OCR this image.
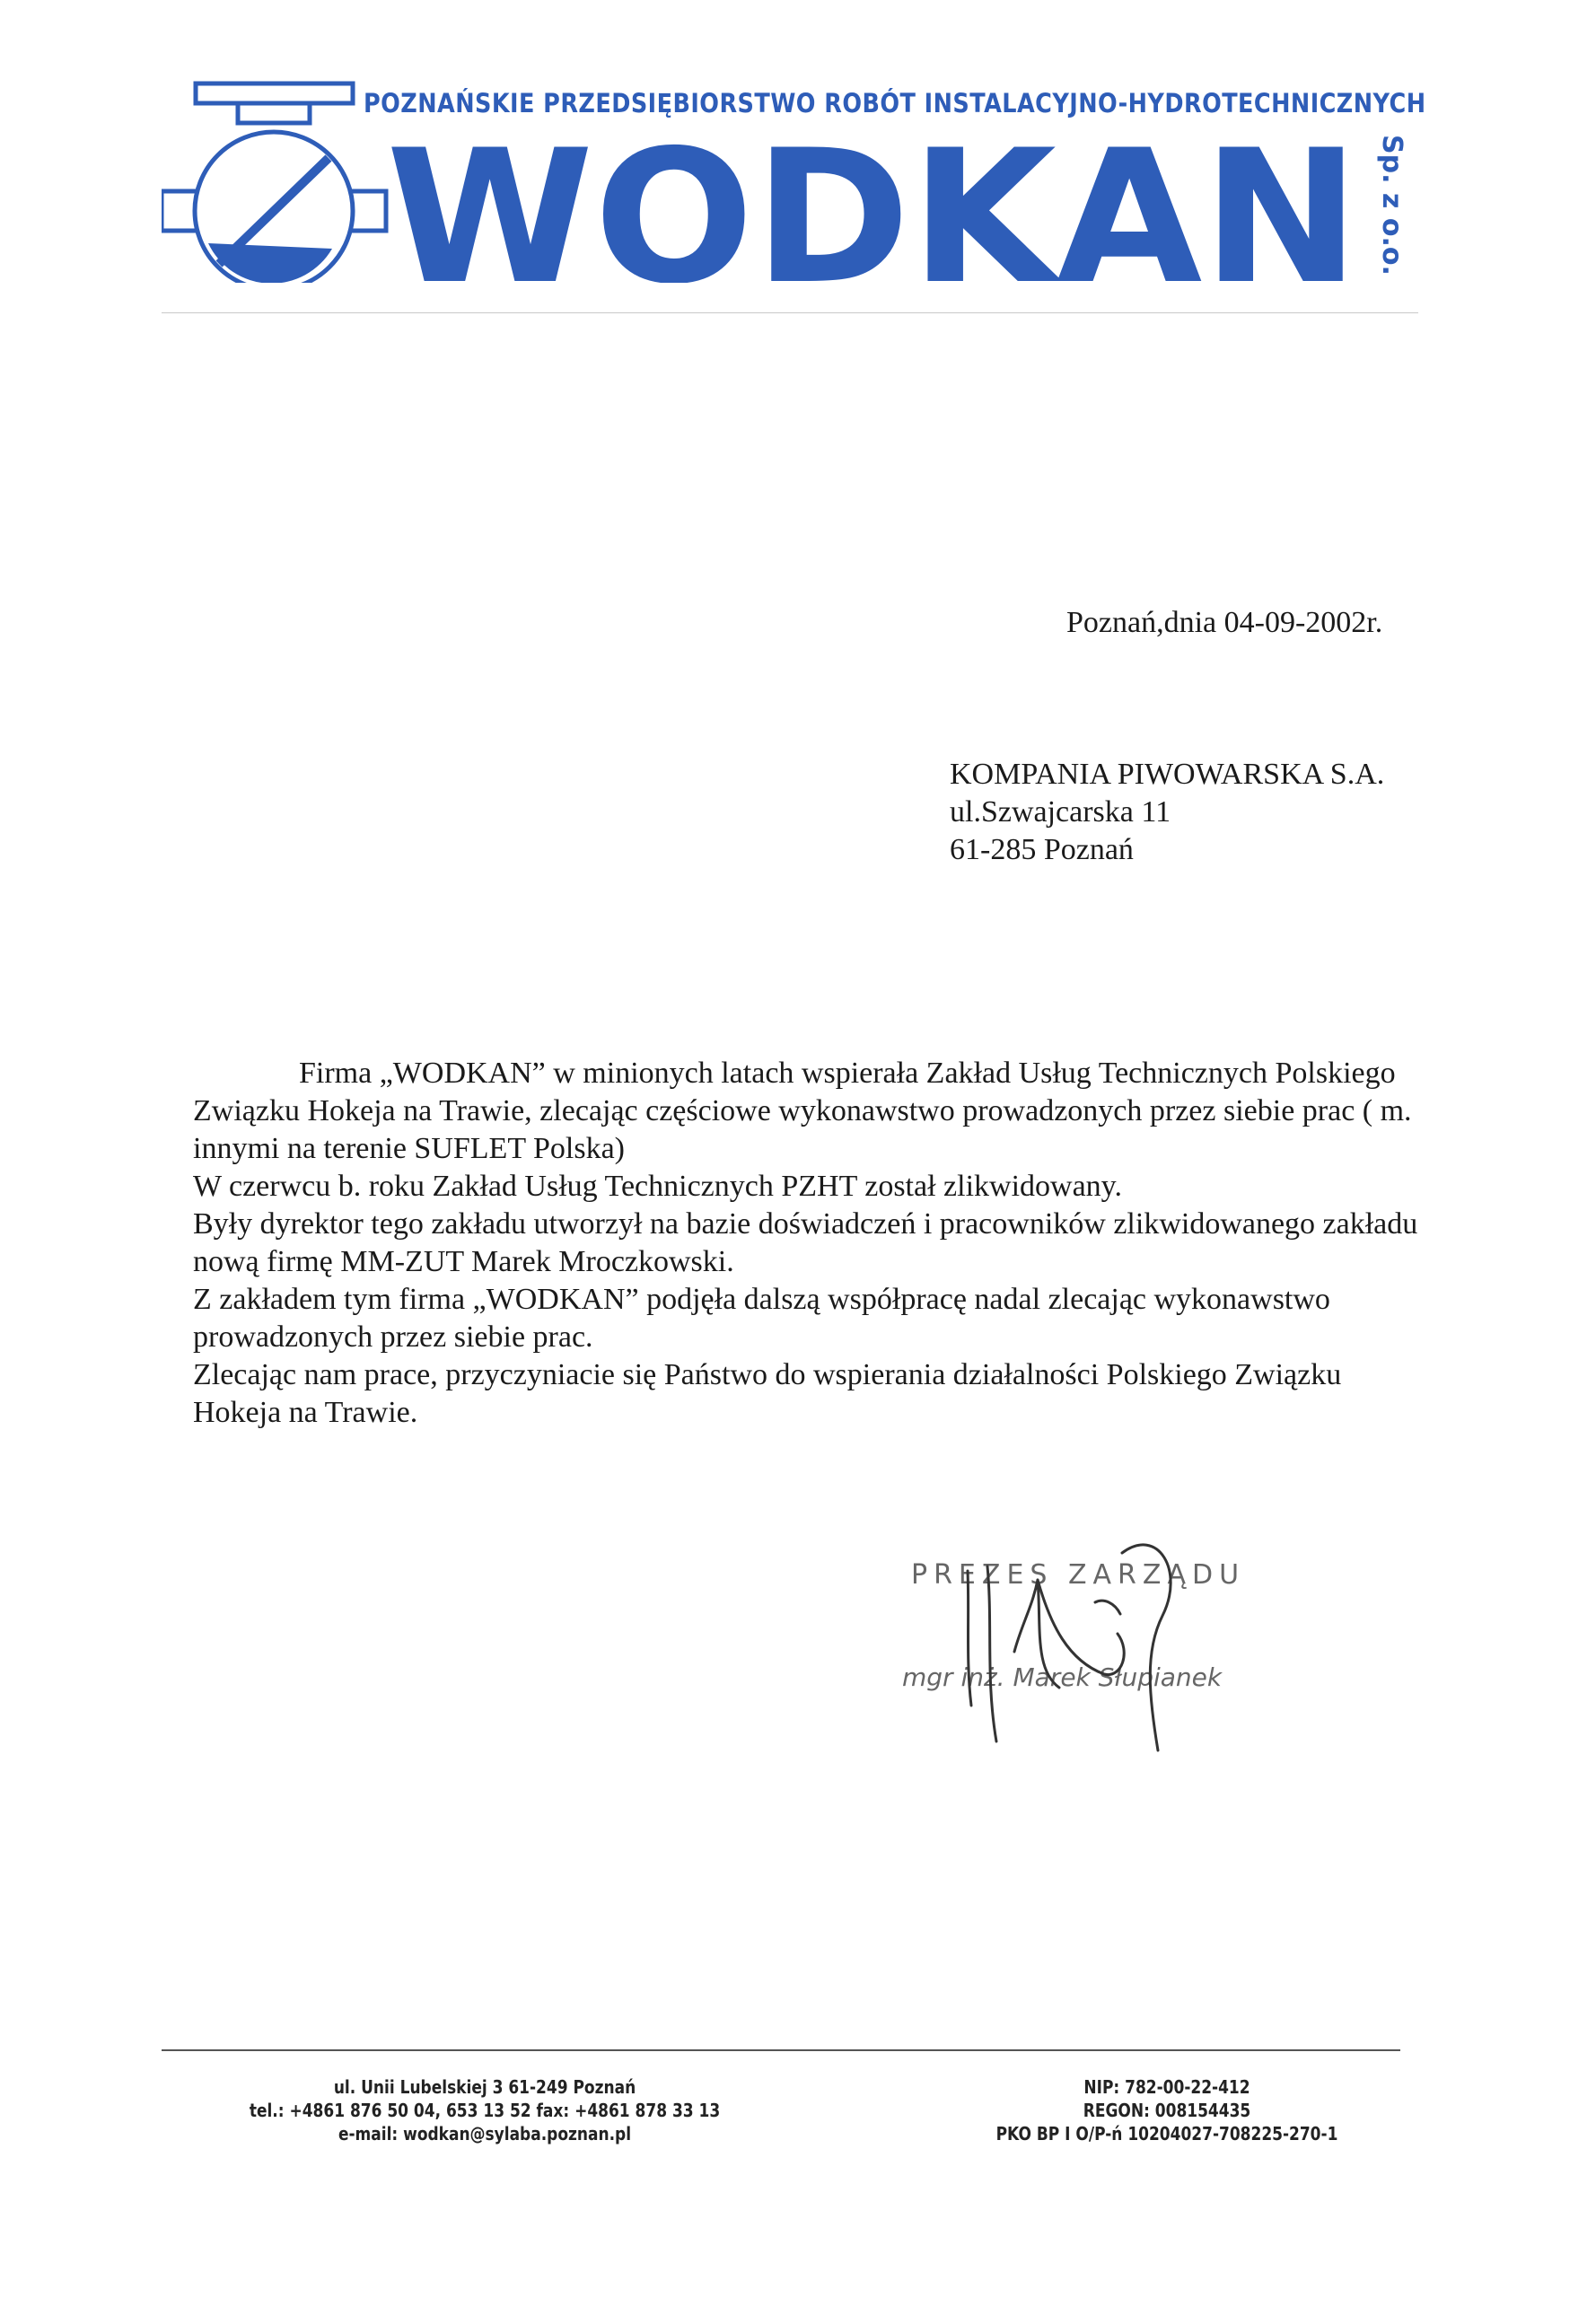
POZNAŃSKIE PRZEDSIĘBIORSTWO ROBÓT INSTALACYJNO-HYDROTECHNICZNYCH
WODKAN Sp. z o.o.
Poznań,dnia 04-09-2002r.
KOMPANIA PIWOWARSKA S.A.
ul.Szwajcarska 11
61-285 Poznań

Firma „WODKAN” w minionych latach wspierała Zakład Usług Technicznych Polskiego Związku Hokeja na Trawie, zlecając częściowe wykonawstwo prowadzonych przez siebie prac ( m. innymi na terenie SUFLET Polska)

W czerwcu b. roku Zakład Usług Technicznych PZHT został zlikwidowany.

Były dyrektor tego zakładu utworzył na bazie doświadczeń i pracowników zlikwidowanego zakładu nową firmę MM-ZUT Marek Mroczkowski.

Z zakładem tym firma „WODKAN” podjęła dalszą współpracę nadal zlecając wykonawstwo prowadzonych przez siebie prac.

Zlecając nam prace, przyczyniacie się Państwo do wspierania działalności Polskiego Związku Hokeja na Trawie.

PREZES ZARZĄDU
mgr inż. Marek Słupianek
ul. Unii Lubelskiej 3 61-249 Poznań
tel.: +4861 876 50 04, 653 13 52 fax: +4861 878 33 13
e-mail: wodkan@sylaba.poznan.pl
NIP: 782-00-22-412
REGON: 008154435
PKO BP I O/P-ń 10204027-708225-270-1
